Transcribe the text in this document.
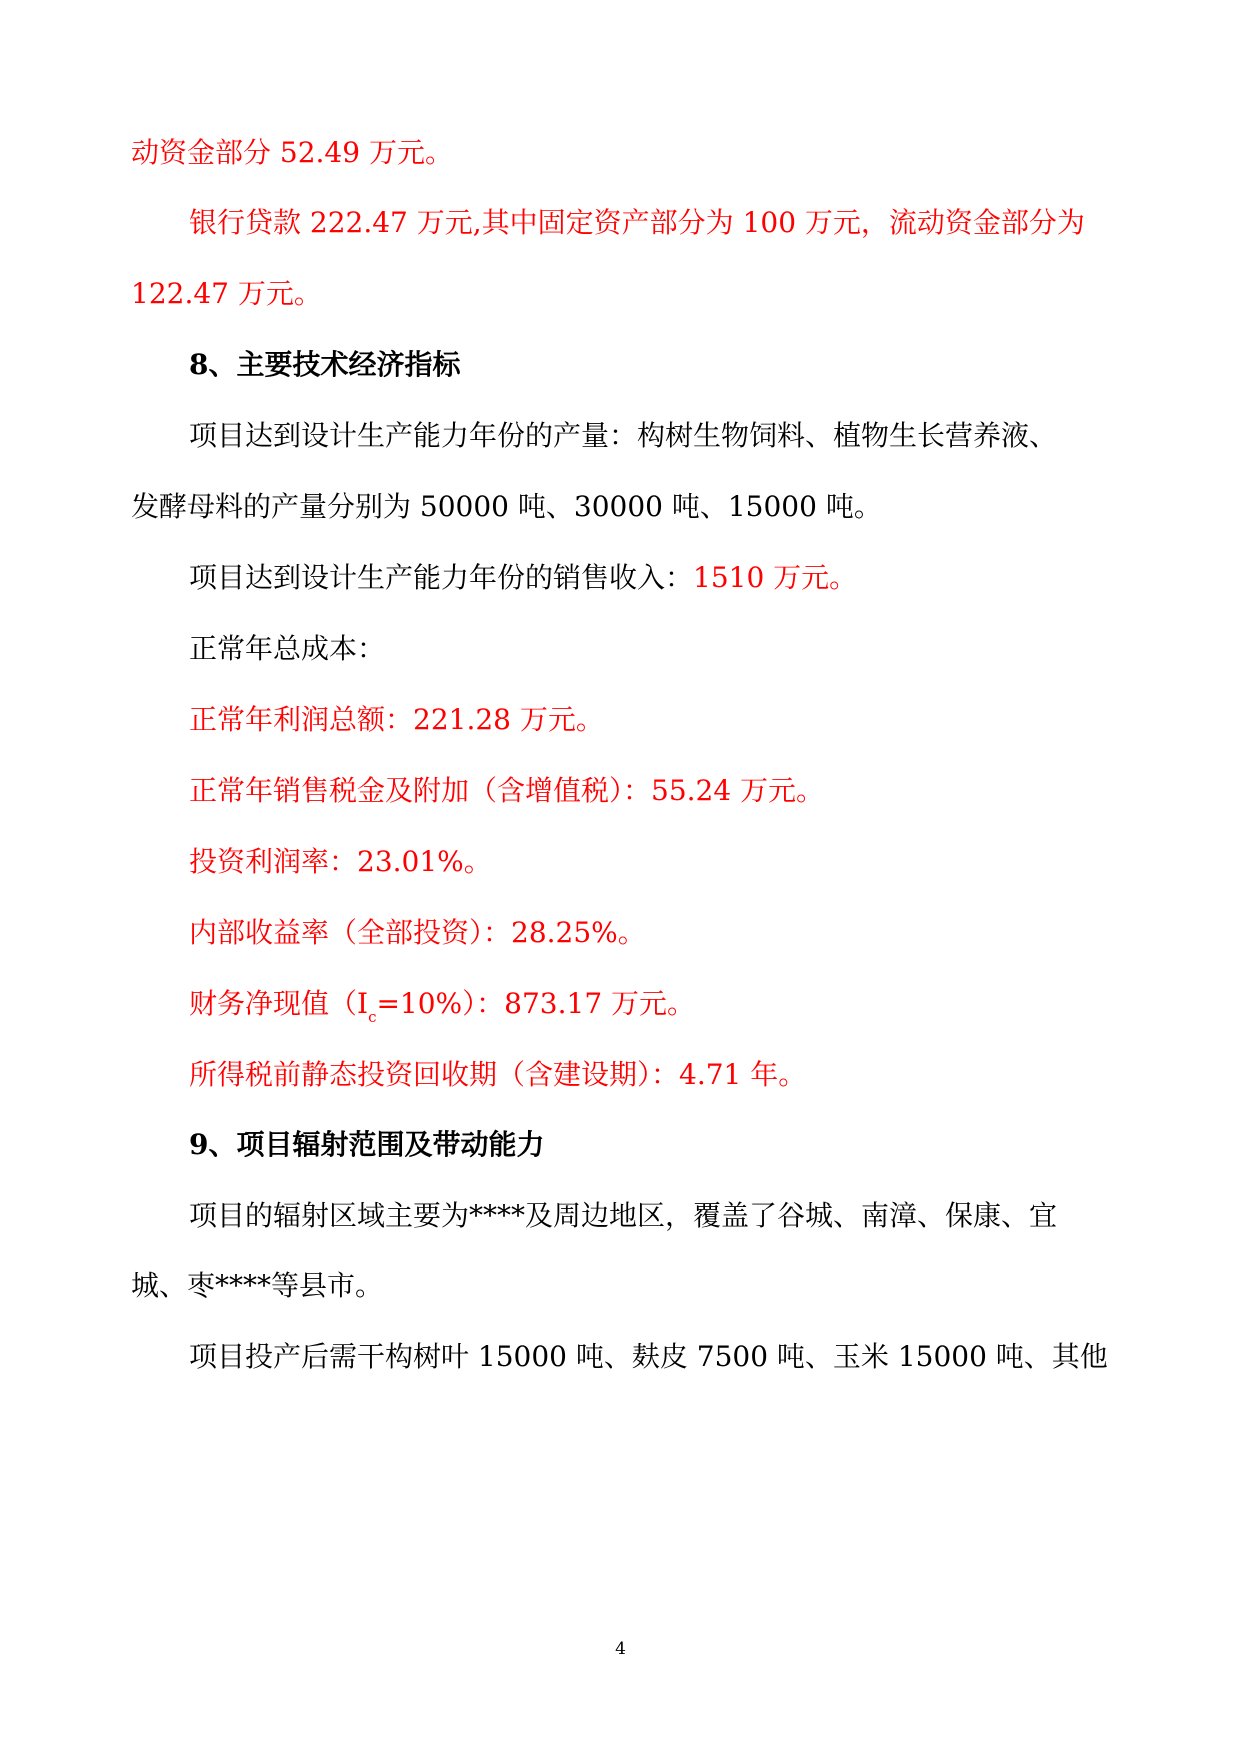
动资金部分 52.49 万元。
银行贷款 222.47 万元,其中固定资产部分为 100 万元，流动资金部分为
122.47 万元。
8、主要技术经济指标
项目达到设计生产能力年份的产量：构树生物饲料、植物生长营养液、
发酵母料的产量分别为 50000 吨、30000 吨、15000 吨。
项目达到设计生产能力年份的销售收入：1510 万元。
正常年总成本：
正常年利润总额：221.28 万元。
正常年销售税金及附加（含增值税）：55.24 万元。
投资利润率：23.01%。
内部收益率（全部投资）：28.25%。
财务净现值$(I_c=10\%)$：873.17 万元。
所得税前静态投资回收期（含建设期）：4.71 年。
9、项目辐射范围及带动能力
项目的辐射区域主要为****及周边地区，覆盖了谷城、南漳、保康、宜
城、枣****等县市。
项目投产后需干构树叶 15000 吨、麸皮 7500 吨、玉米 15000 吨、其他
4
